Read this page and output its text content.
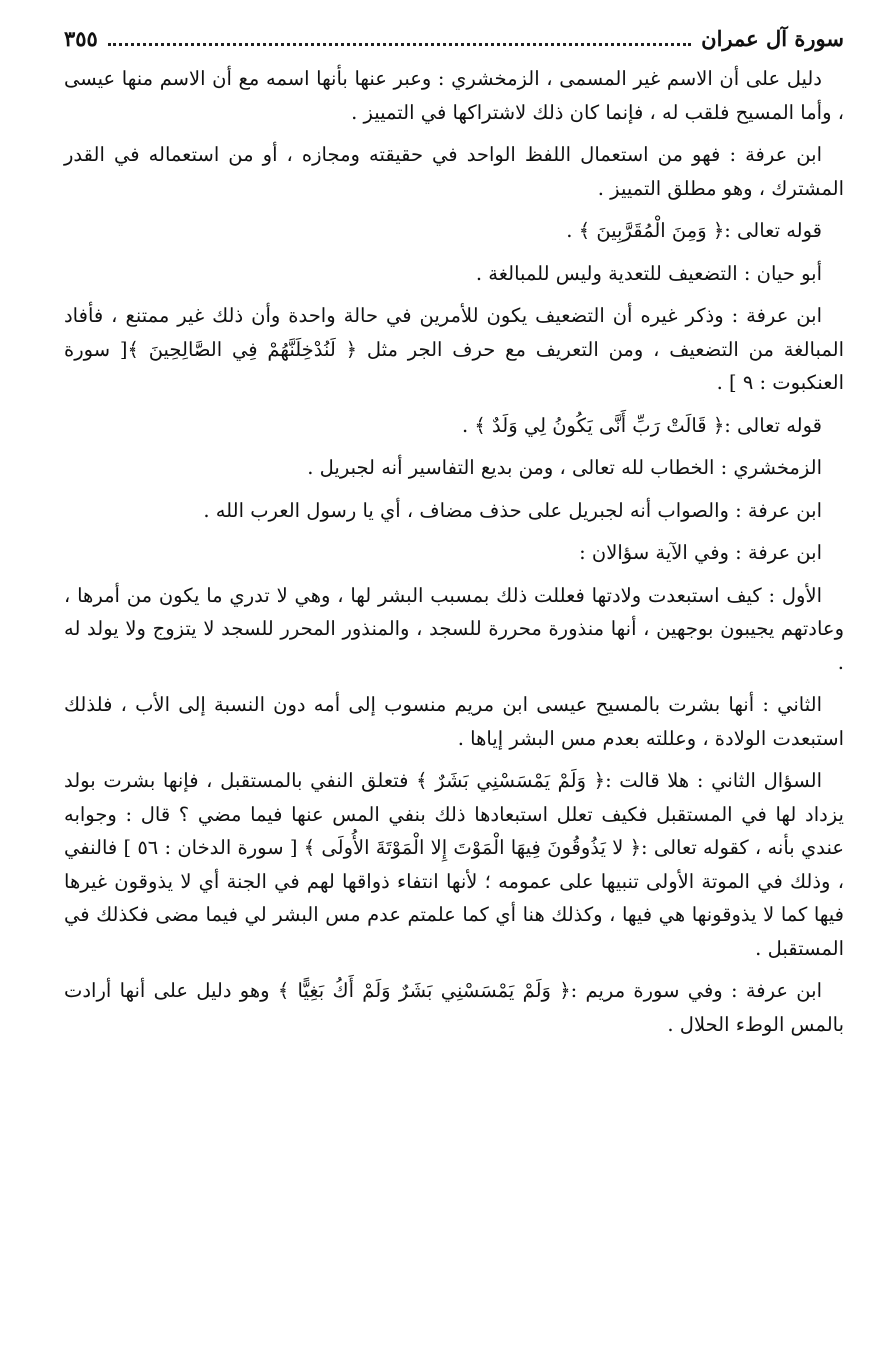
سورة آل عمران
٣٥٥

دليل على أن الاسم غير المسمى ، الزمخشري : وعبر عنها بأنها اسمه مع أن الاسم منها عيسى ، وأما المسيح فلقب له ، فإنما كان ذلك لاشتراكها في التمييز .

ابن عرفة : فهو من استعمال اللفظ الواحد في حقيقته ومجازه ، أو من استعماله في القدر المشترك ، وهو مطلق التمييز .

قوله تعالى :﴿ وَمِنَ الْمُقَرَّبِينَ ﴾ .

أبو حيان : التضعيف للتعدية وليس للمبالغة .

ابن عرفة : وذكر غيره أن التضعيف يكون للأمرين في حالة واحدة وأن ذلك غير ممتنع ، فأفاد المبالغة من التضعيف ، ومن التعريف مع حرف الجر مثل ﴿ لَنُدْخِلَنَّهُمْ فِي الصَّالِحِينَ ﴾[ سورة العنكبوت : ٩ ] .

قوله تعالى :﴿ قَالَتْ رَبِّ أَنَّى يَكُونُ لِي وَلَدٌ ﴾ .

الزمخشري : الخطاب لله تعالى ، ومن بديع التفاسير أنه لجبريل .

ابن عرفة : والصواب أنه لجبريل على حذف مضاف ، أي يا رسول العرب الله .

ابن عرفة : وفي الآية سؤالان :

الأول : كيف استبعدت ولادتها فعللت ذلك بمسبب البشر لها ، وهي لا تدري ما يكون من أمرها ، وعادتهم يجيبون بوجهين ، أنها منذورة محررة للسجد ، والمنذور المحرر للسجد لا يتزوج ولا يولد له .

الثاني : أنها بشرت بالمسيح عيسى ابن مريم منسوب إلى أمه دون النسبة إلى الأب ، فلذلك استبعدت الولادة ، وعللته بعدم مس البشر إياها .

السؤال الثاني : هلا قالت :﴿ وَلَمْ يَمْسَسْنِي بَشَرٌ ﴾ فتعلق النفي بالمستقبل ، فإنها بشرت بولد يزداد لها في المستقبل فكيف تعلل استبعادها ذلك بنفي المس عنها فيما مضي ؟ قال : وجوابه عندي بأنه ، كقوله تعالى :﴿ لا يَذُوقُونَ فِيهَا الْمَوْتَ إِلا الْمَوْتَةَ الأُولَى ﴾ [ سورة الدخان : ٥٦ ] فالنفي ، وذلك في الموتة الأولى تنبيها على عمومه ؛ لأنها انتفاء ذواقها لهم في الجنة أي لا يذوقون غيرها فيها كما لا يذوقونها هي فيها ، وكذلك هنا أي كما علمتم عدم مس البشر لي فيما مضى فكذلك في المستقبل .

ابن عرفة : وفي سورة مريم :﴿ وَلَمْ يَمْسَسْنِي بَشَرٌ وَلَمْ أَكُ بَغِيًّا ﴾ وهو دليل على أنها أرادت بالمس الوطء الحلال .
